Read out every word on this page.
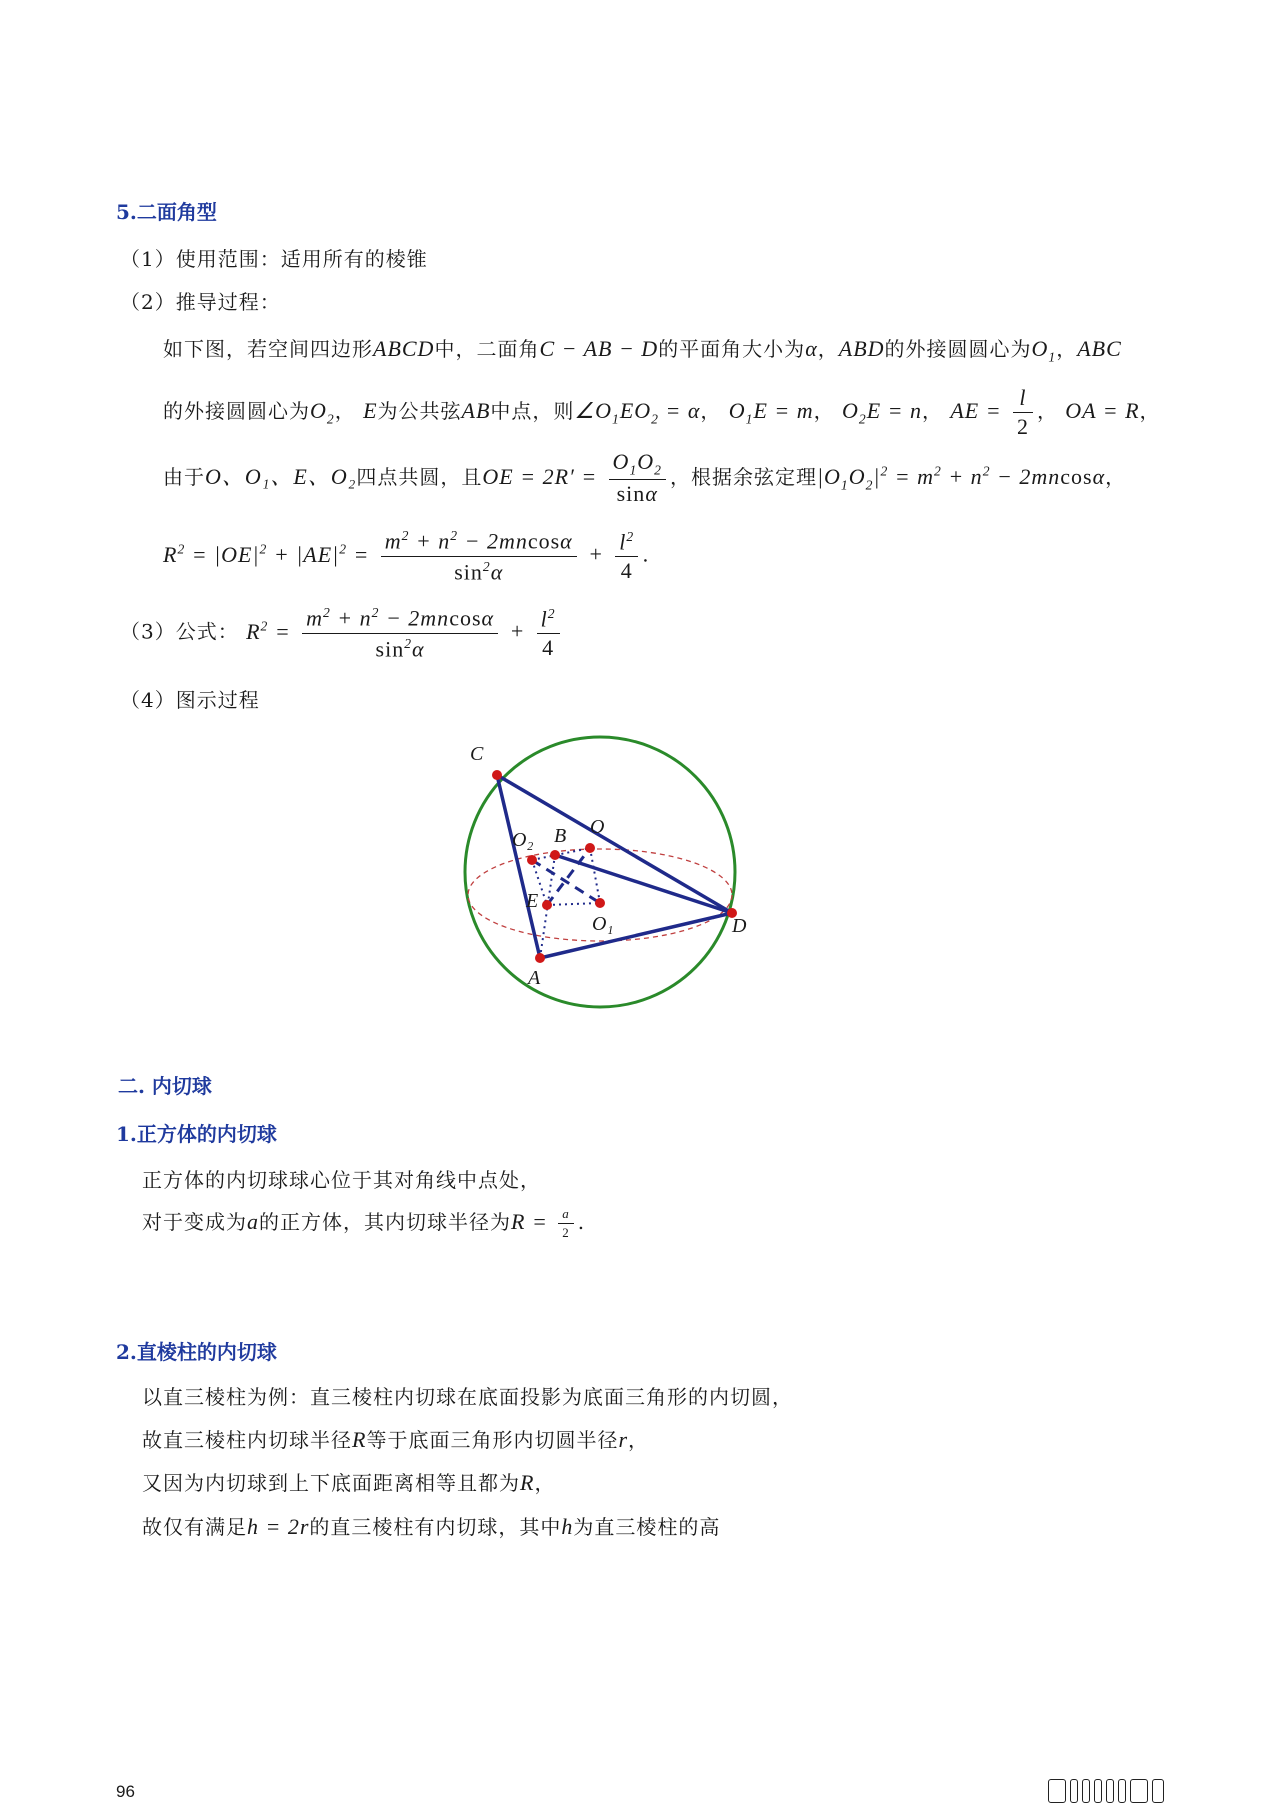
5.二面角型
（1）使用范围：适用所有的棱锥
（2）推导过程：
如下图，若空间四边形ABCD中，二面角C − AB − D的平面角大小为α，ABD的外接圆圆心为$O_1$，ABC
的外接圆圆心为$O_2$， E为公共弦AB中点，则$\angle O_1EO_2 = \alpha$， $O_1E = m$， $O_2E = n$， AE = $\frac{l}{2}$ ， OA = R，
由于O、O₁、E、O₂四点共圆，且OE = $2R' = \frac{O_1O_2}{\sin\alpha}$ ，根据余弦定理$|O_1O_2|^2 = m^2 + n^2 - 2mncos\alpha$，
$R^2 = |OE|^2 + |AE|^2 = \frac{m^2 + n^2 - 2mncos\alpha}{\sin^2\alpha} + \frac{l^2}{4}$ .
（3）公式： $R^2 = \frac{m^2 + n^2 - 2mncos\alpha}{\sin^2\alpha} + \frac{l^2}{4}$
（4）图示过程
C
B O
O₂
E
O₁	D
A
二. 内切球
1.正方体的内切球
正方体的内切球球心位于其对角线中点处，
对于变成为a的正方体，其内切球半径为$R = \frac{a}{2}$ .
2.直棱柱的内切球
以直三棱柱为例：直三棱柱内切球在底面投影为底面三角形的内切圆，
故直三棱柱内切球半径R等于底面三角形内切圆半径r，
又因为内切球到上下底面距离相等且都为R，
故仅有满足h = 2r的直三棱柱有内切球，其中h为直三棱柱的高
96
